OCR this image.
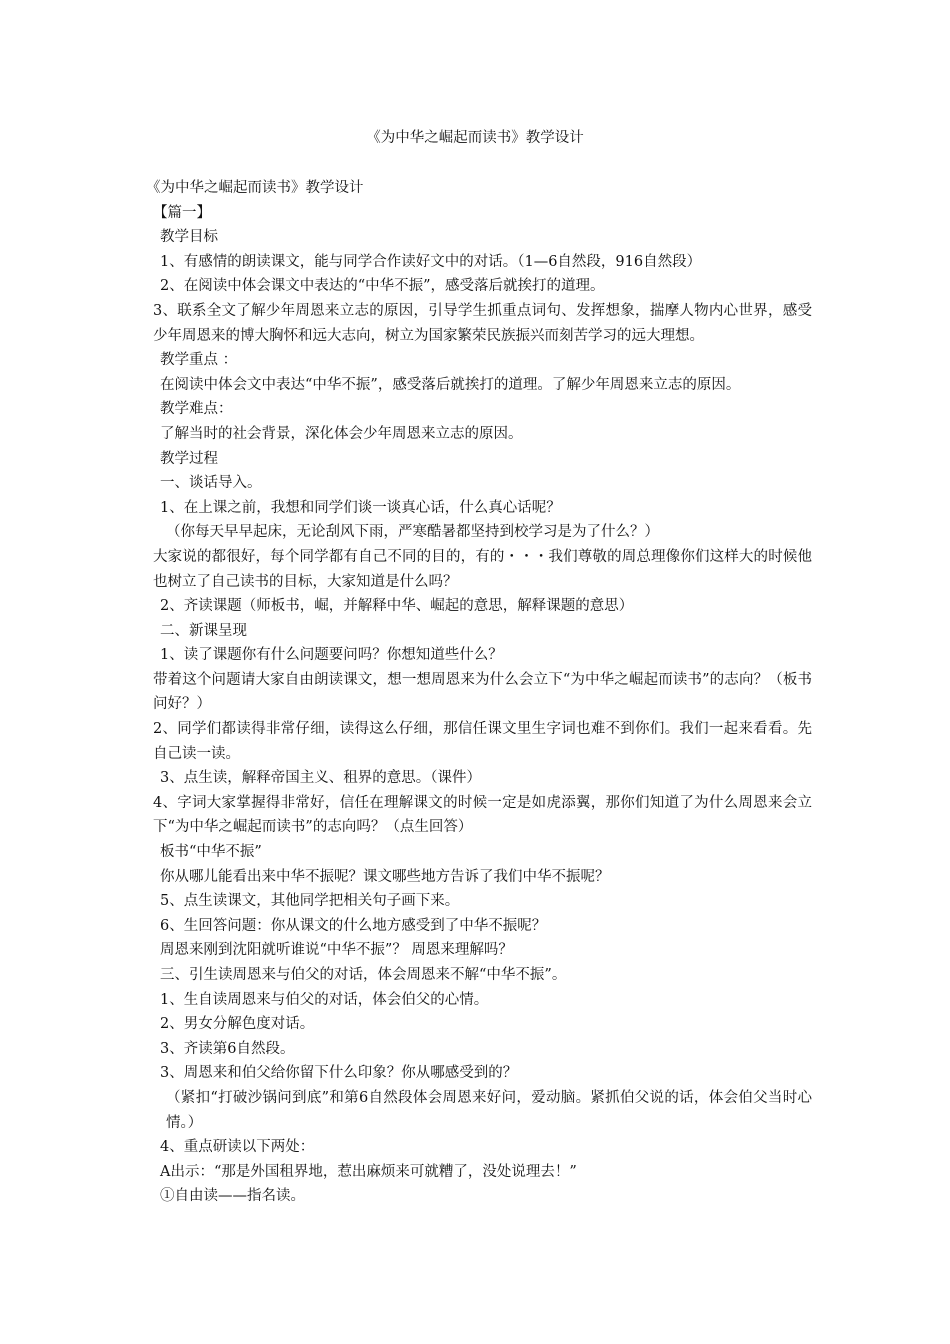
《为中华之崛起而读书》教学设计
《为中华之崛起而读书》教学设计
【篇一】
教学目标
1、有感情的朗读课文，能与同学合作读好文中的对话。（1—6自然段，916自然段）
2、在阅读中体会课文中表达的“中华不振”，感受落后就挨打的道理。
3、联系全文了解少年周恩来立志的原因，引导学生抓重点词句、发挥想象，揣摩人物内心世界，感受少年周恩来的博大胸怀和远大志向，树立为国家繁荣民族振兴而刻苦学习的远大理想。
教学重点 ：
在阅读中体会文中表达“中华不振”，感受落后就挨打的道理。了解少年周恩来立志的原因。
教学难点：
了解当时的社会背景，深化体会少年周恩来立志的原因。
教学过程
一、谈话导入。
1、在上课之前，我想和同学们谈一谈真心话，什么真心话呢？
（你每天早早起床，无论刮风下雨，严寒酷暑都坚持到校学习是为了什么？）
大家说的都很好，每个同学都有自己不同的目的，有的・・・我们尊敬的周总理像你们这样大的时候他也树立了自己读书的目标，大家知道是什么吗？
2、齐读课题（师板书，崛，并解释中华、崛起的意思，解释课题的意思）
二、新课呈现
1、读了课题你有什么问题要问吗？你想知道些什么？
带着这个问题请大家自由朗读课文，想一想周恩来为什么会立下“为中华之崛起而读书”的志向？（板书问好？）
2、同学们都读得非常仔细，读得这么仔细，那信任课文里生字词也难不到你们。我们一起来看看。先自己读一读。
3、点生读，解释帝国主义、租界的意思。（课件）
4、字词大家掌握得非常好，信任在理解课文的时候一定是如虎添翼，那你们知道了为什么周恩来会立下“为中华之崛起而读书”的志向吗？（点生回答）
板书“中华不振”
你从哪儿能看出来中华不振呢？课文哪些地方告诉了我们中华不振呢？
5、点生读课文，其他同学把相关句子画下来。
6、生回答问题：你从课文的什么地方感受到了中华不振呢？
周恩来刚到沈阳就听谁说“中华不振”？ 周恩来理解吗？
三、引生读周恩来与伯父的对话，体会周恩来不解“中华不振”。
1、生自读周恩来与伯父的对话，体会伯父的心情。
2、男女分解色度对话。
3、齐读第6自然段。
3、周恩来和伯父给你留下什么印象？你从哪感受到的？
（紧扣“打破沙锅问到底”和第6自然段体会周恩来好问，爱动脑。紧抓伯父说的话，体会伯父当时心情。）
4、重点研读以下两处：
A出示：“那是外国租界地，惹出麻烦来可就糟了，没处说理去！”
①自由读——指名读。
